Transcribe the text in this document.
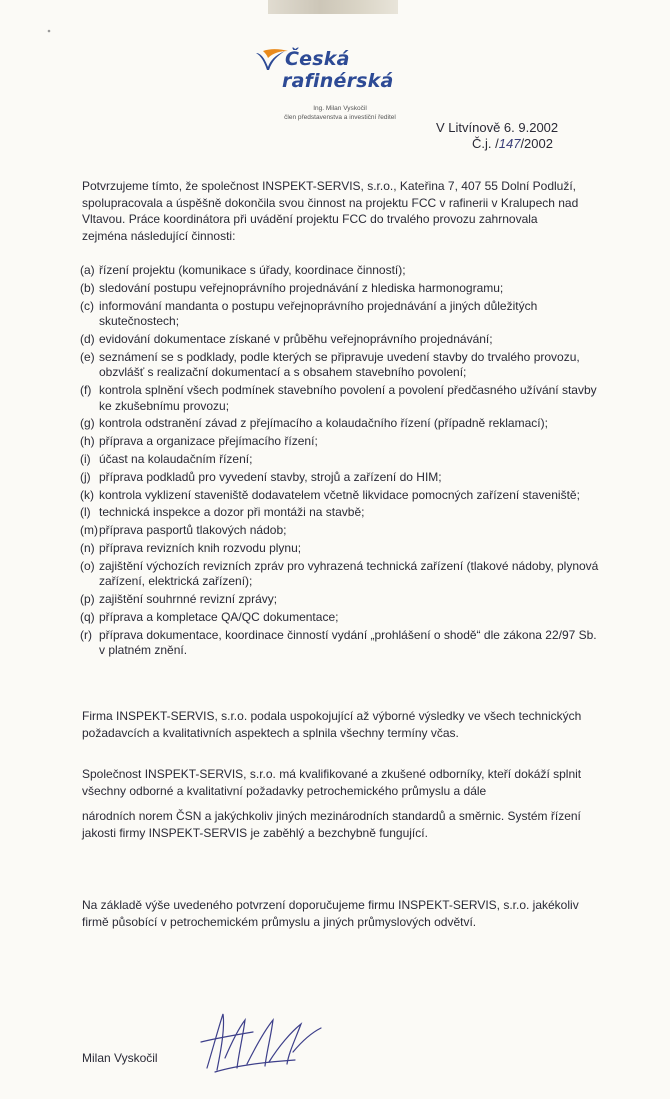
Česká
rafinérská
Ing. Milan Vyskočil
člen představenstva a investiční ředitel
V Litvínově 6. 9.2002
Č.j. /147/2002
Potvrzujeme tímto, že společnost INSPEKT-SERVIS, s.r.o., Kateřina 7, 407 55 Dolní Podluží, spolupracovala a úspěšně dokončila svou činnost na projektu FCC v rafinerii v Kralupech nad Vltavou. Práce koordinátora při uvádění projektu FCC do trvalého provozu zahrnovala zejména následující činnosti:
(a) řízení projektu (komunikace s úřady, koordinace činností);
(b) sledování postupu veřejnoprávního projednávání z hlediska harmonogramu;
(c) informování mandanta o postupu veřejnoprávního projednávání a jiných důležitých skutečnostech;
(d) evidování dokumentace získané v průběhu veřejnoprávního projednávání;
(e) seznámení se s podklady, podle kterých se připravuje uvedení stavby do trvalého provozu, obzvlášť s realizační dokumentací a s obsahem stavebního povolení;
(f) kontrola splnění všech podmínek stavebního povolení a povolení předčasného užívání stavby ke zkušebnímu provozu;
(g) kontrola odstranění závad z přejímacího a kolaudačního řízení (případně reklamací);
(h) příprava a organizace přejímacího řízení;
(i) účast na kolaudačním řízení;
(j) příprava podkladů pro vyvedení stavby, strojů a zařízení do HIM;
(k) kontrola vyklizení staveniště dodavatelem včetně likvidace pomocných zařízení staveniště;
(l) technická inspekce a dozor při montáži na stavbě;
(m) příprava pasportů tlakových nádob;
(n) příprava revizních knih rozvodu plynu;
(o) zajištění výchozích revizních zpráv pro vyhrazená technická zařízení (tlakové nádoby, plynová zařízení, elektrická zařízení);
(p) zajištění souhrnné revizní zprávy;
(q) příprava a kompletace QA/QC dokumentace;
(r) příprava dokumentace, koordinace činností vydání „prohlášení o shodě“ dle zákona 22/97 Sb. v platném znění.
Firma INSPEKT-SERVIS, s.r.o. podala uspokojující až výborné výsledky ve všech technických požadavcích a kvalitativních aspektech a splnila všechny termíny včas.
Společnost INSPEKT-SERVIS, s.r.o. má kvalifikované a zkušené odborníky, kteří dokáží splnit všechny odborné a kvalitativní požadavky petrochemického průmyslu a dále
národních norem ČSN a jakýchkoliv jiných mezinárodních standardů a směrnic. Systém řízení jakosti firmy INSPEKT-SERVIS je zaběhlý a bezchybně fungující.
Na základě výše uvedeného potvrzení doporučujeme firmu INSPEKT-SERVIS, s.r.o. jakékoliv firmě působící v petrochemickém průmyslu a jiných průmyslových odvětví.
Milan Vyskočil
